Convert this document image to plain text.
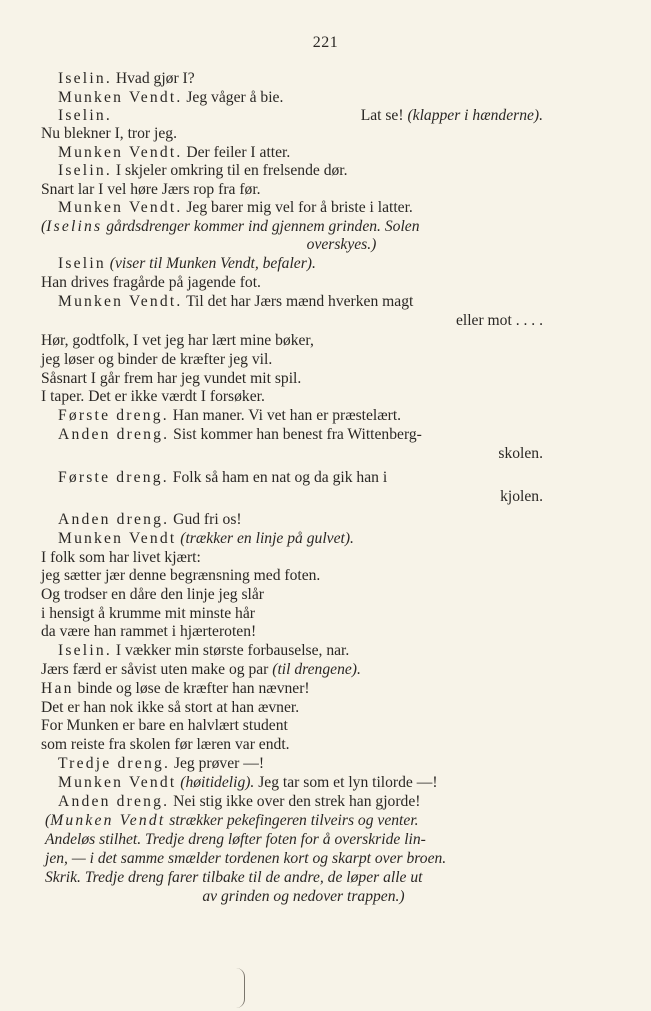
221
Iselin. Hvad gjør I?
Munken Vendt. Jeg våger å bie.
Iselin.	Lat se! (klapper i hænderne).
Nu blekner I, tror jeg.
Munken Vendt. Der feiler I atter.
Iselin. I skjeler omkring til en frelsende dør.
Snart lar I vel høre Jærs rop fra før.
Munken Vendt. Jeg barer mig vel for å briste i latter.
(Iselins gårdsdrenger kommer ind gjennem grinden. Solen
overskyes.)
Iselin (viser til Munken Vendt, befaler).
Han drives fragårde på jagende fot.
Munken Vendt. Til det har Jærs mænd hverken magt
eller mot . . . .
Hør, godtfolk, I vet jeg har lært mine bøker,
jeg løser og binder de kræfter jeg vil.
Såsnart I går frem har jeg vundet mit spil.
I taper. Det er ikke værdt I forsøker.
Første dreng. Han maner. Vi vet han er præstelært.
Anden dreng. Sist kommer han benest fra Wittenberg-
skolen.
Første dreng. Folk så ham en nat og da gik han i
kjolen.
Anden dreng. Gud fri os!
Munken Vendt (trækker en linje på gulvet).
I folk som har livet kjært:
jeg sætter jær denne begrænsning med foten.
Og trodser en dåre den linje jeg slår
i hensigt å krumme mit minste hår
da være han rammet i hjærteroten!
Iselin. I vækker min største forbauselse, nar.
Jærs færd er såvist uten make og par (til drengene).
Han binde og løse de kræfter han nævner!
Det er han nok ikke så stort at han ævner.
For Munken er bare en halvlært student
som reiste fra skolen før læren var endt.
Tredje dreng. Jeg prøver —!
Munken Vendt (høitidelig). Jeg tar som et lyn tilorde —!
Anden dreng. Nei stig ikke over den strek han gjorde!
(Munken Vendt strækker pekefingeren tilveirs og venter.
Andeløs stilhet. Tredje dreng løfter foten for å overskride lin-
jen, — i det samme smælder tordenen kort og skarpt over broen.
Skrik. Tredje dreng farer tilbake til de andre, de løper alle ut
av grinden og nedover trappen.)
